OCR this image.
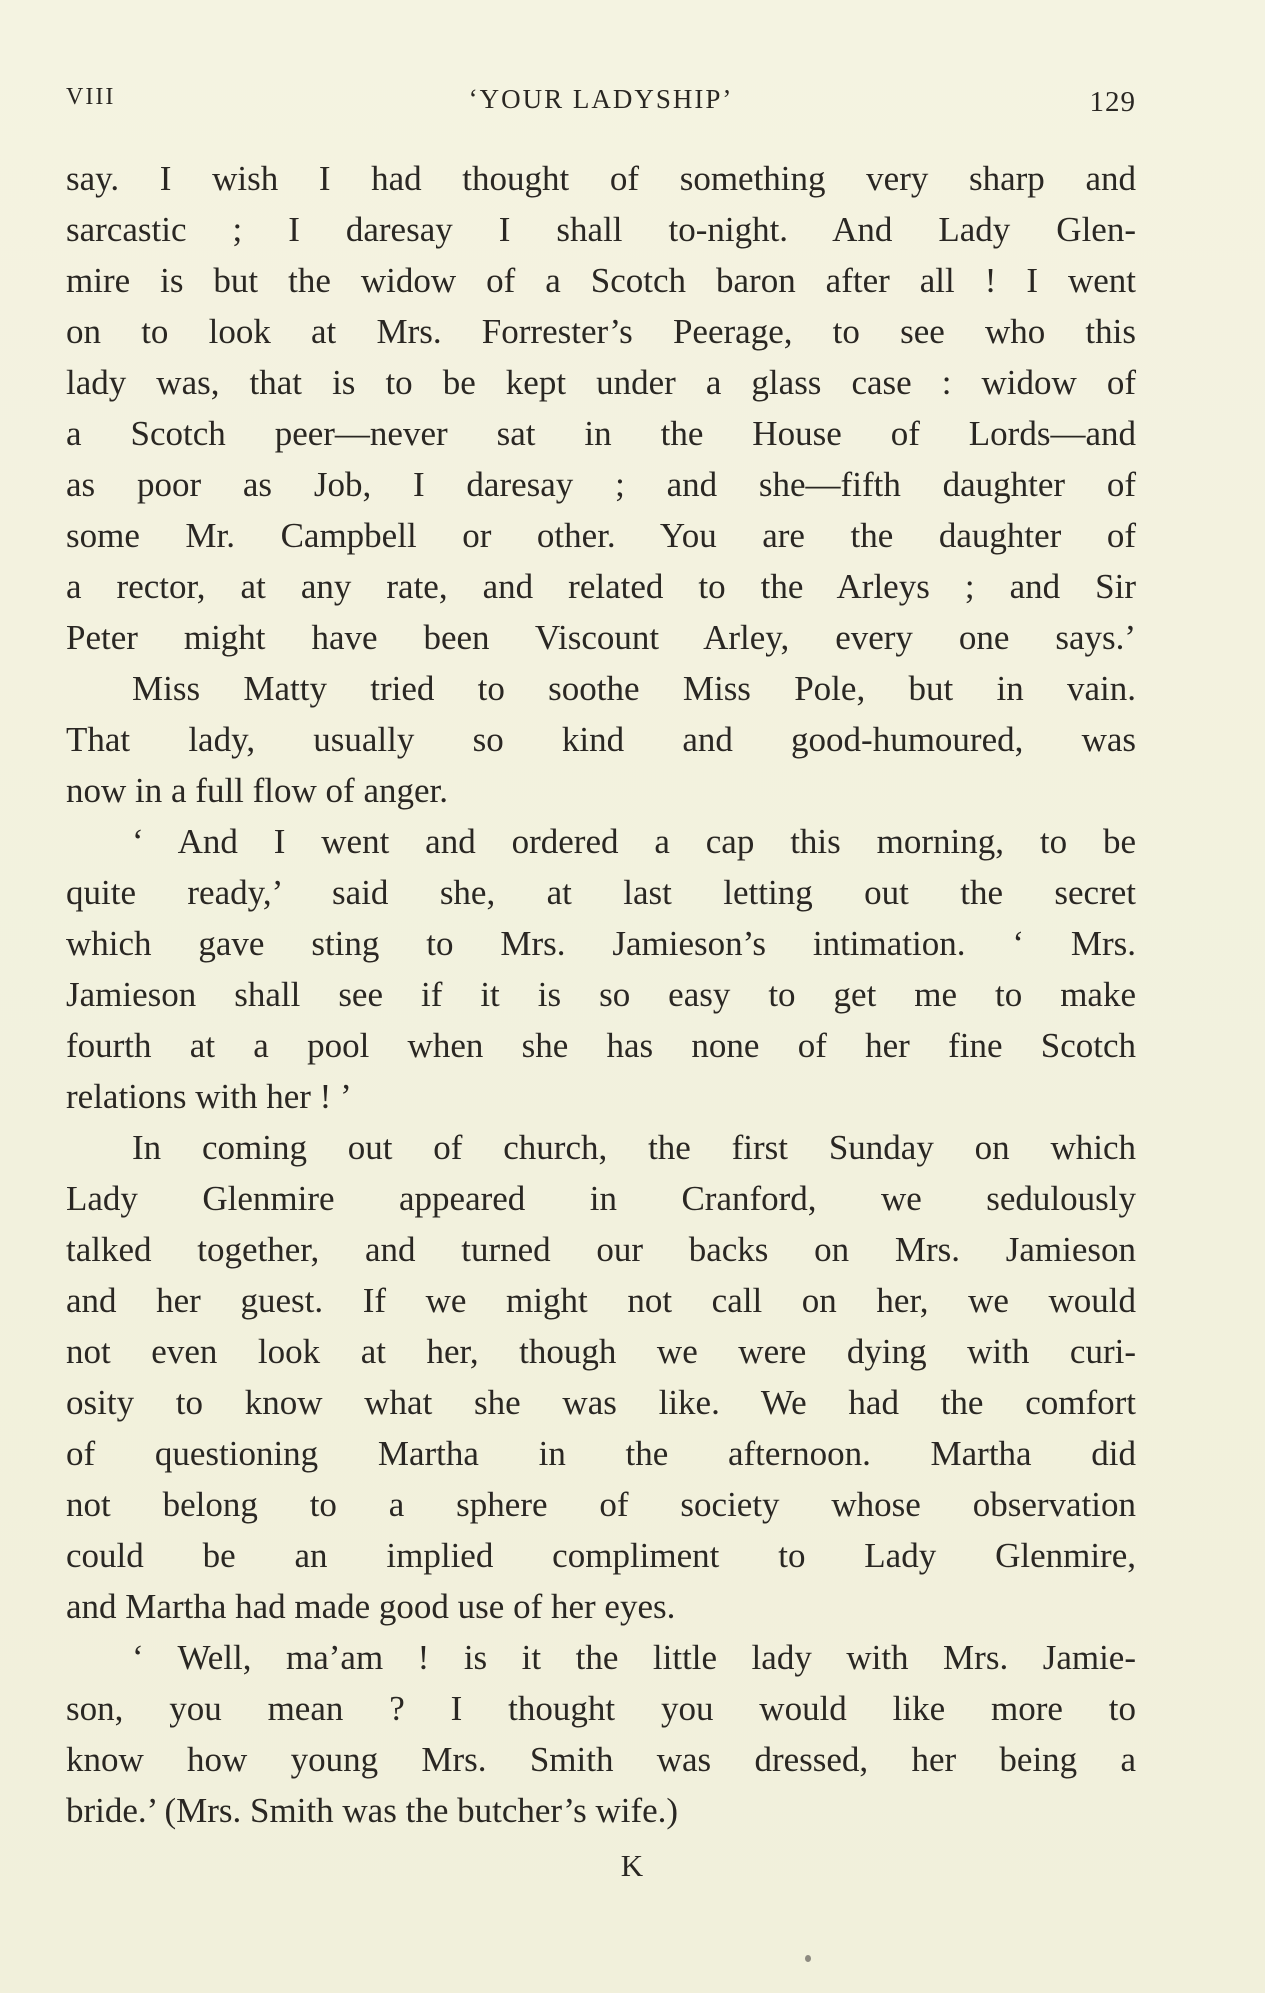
VIII	‘YOUR LADYSHIP’	129
say. I wish I had thought of something very sharp and
sarcastic ; I daresay I shall to-night. And Lady Glen-
mire is but the widow of a Scotch baron after all ! I went
on to look at Mrs. Forrester’s Peerage, to see who this
lady was, that is to be kept under a glass case : widow of
a Scotch peer—never sat in the House of Lords—and
as poor as Job, I daresay ; and she—fifth daughter of
some Mr. Campbell or other. You are the daughter of
a rector, at any rate, and related to the Arleys ; and Sir
Peter might have been Viscount Arley, every one says.’
Miss Matty tried to soothe Miss Pole, but in vain.
That lady, usually so kind and good-humoured, was
now in a full flow of anger.
‘ And I went and ordered a cap this morning, to be
quite ready,’ said she, at last letting out the secret
which gave sting to Mrs. Jamieson’s intimation. ‘ Mrs.
Jamieson shall see if it is so easy to get me to make
fourth at a pool when she has none of her fine Scotch
relations with her ! ’
In coming out of church, the first Sunday on which
Lady Glenmire appeared in Cranford, we sedulously
talked together, and turned our backs on Mrs. Jamieson
and her guest. If we might not call on her, we would
not even look at her, though we were dying with curi-
osity to know what she was like. We had the comfort
of questioning Martha in the afternoon. Martha did
not belong to a sphere of society whose observation
could be an implied compliment to Lady Glenmire,
and Martha had made good use of her eyes.
‘ Well, ma’am ! is it the little lady with Mrs. Jamie-
son, you mean ? I thought you would like more to
know how young Mrs. Smith was dressed, her being a
bride.’ (Mrs. Smith was the butcher’s wife.)
K
